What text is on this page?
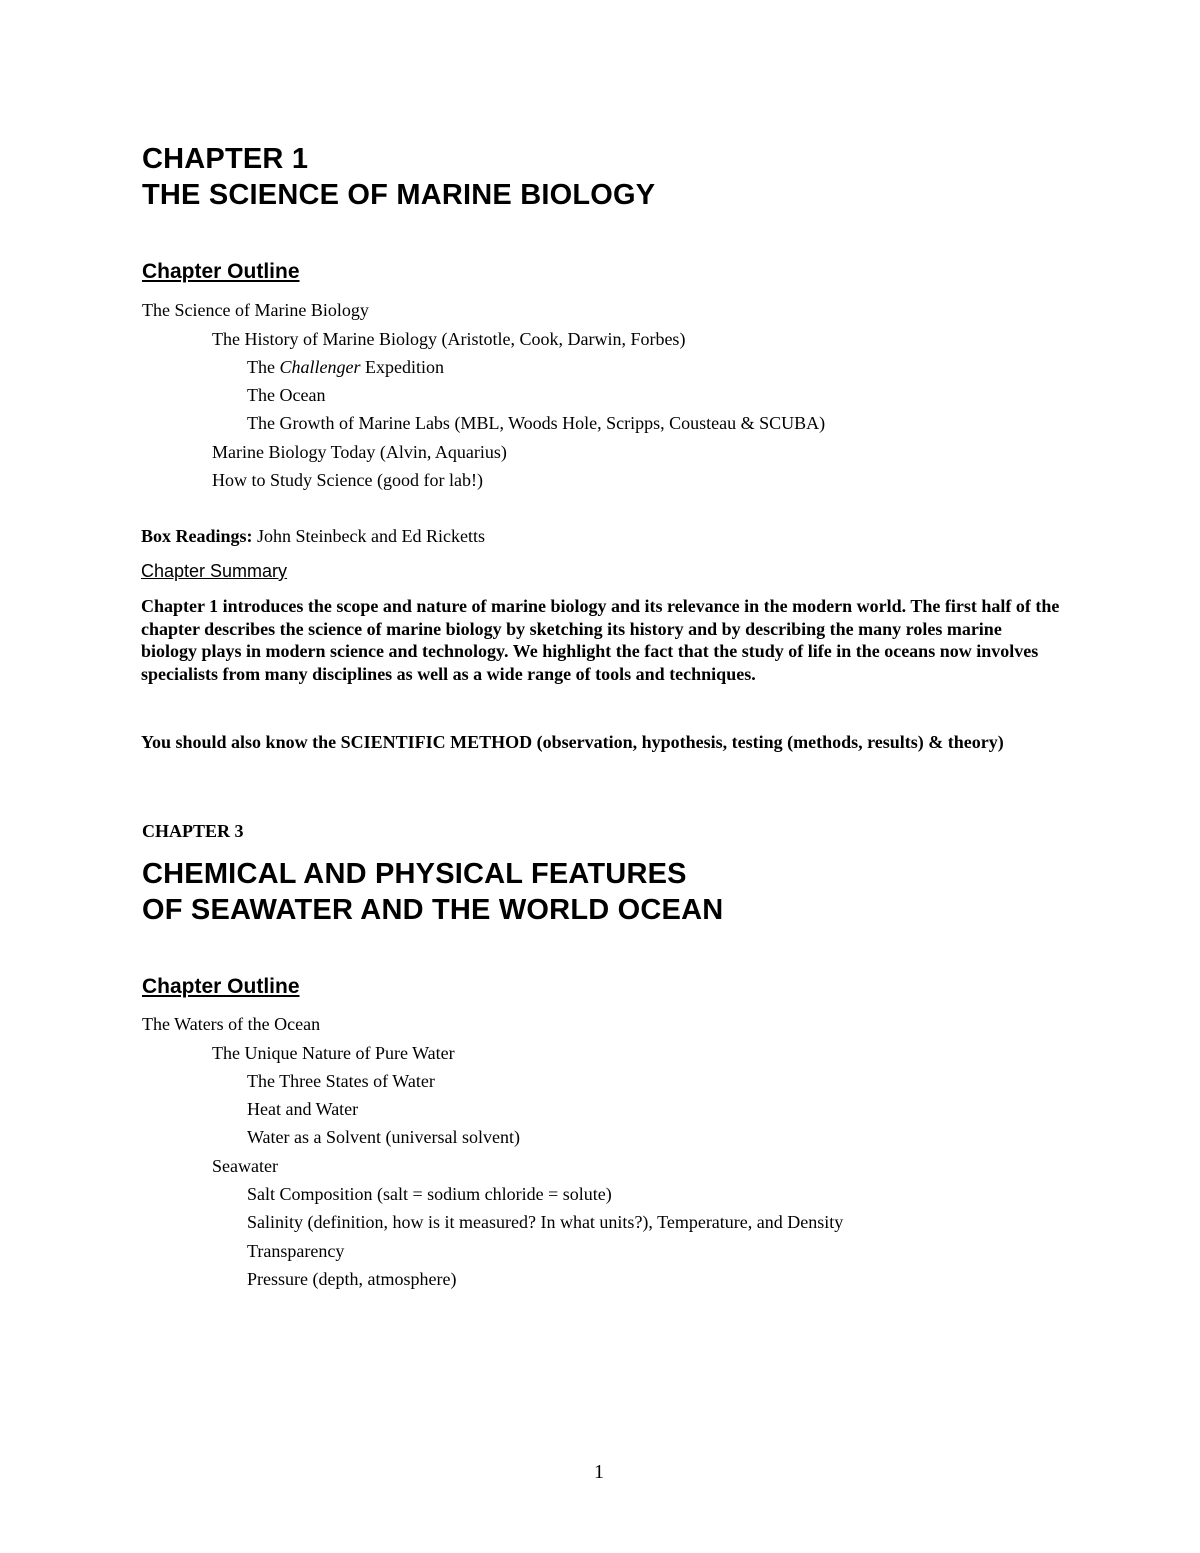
CHAPTER 1
THE SCIENCE OF MARINE BIOLOGY
Chapter Outline
The Science of Marine Biology
The History of Marine Biology (Aristotle, Cook, Darwin, Forbes)
The Challenger Expedition
The Ocean
The Growth of Marine Labs (MBL, Woods Hole, Scripps, Cousteau & SCUBA)
Marine Biology Today (Alvin, Aquarius)
How to Study Science (good for lab!)
Box Readings: John Steinbeck and Ed Ricketts
Chapter Summary
Chapter 1 introduces the scope and nature of marine biology and its relevance in the modern world. The first half of the chapter describes the science of marine biology by sketching its history and by describing the many roles marine biology plays in modern science and technology. We highlight the fact that the study of life in the oceans now involves specialists from many disciplines as well as a wide range of tools and techniques.
You should also know the SCIENTIFIC METHOD (observation, hypothesis, testing (methods, results) & theory)
CHAPTER 3
CHEMICAL AND PHYSICAL FEATURES
OF SEAWATER AND THE WORLD OCEAN
Chapter Outline
The Waters of the Ocean
The Unique Nature of Pure Water
The Three States of Water
Heat and Water
Water as a Solvent (universal solvent)
Seawater
Salt Composition (salt = sodium chloride = solute)
Salinity (definition, how is it measured? In what units?), Temperature, and Density
Transparency
Pressure (depth, atmosphere)
1
